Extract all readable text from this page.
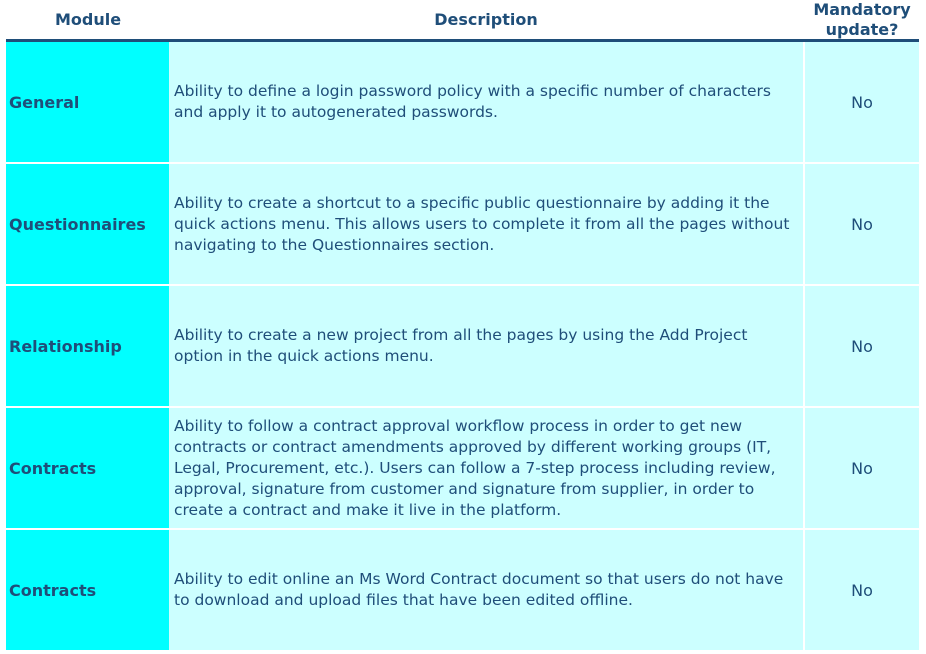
Module	Description
Mandatory update?
General
Ability to define a login password policy with a specific number of characters and apply it to autogenerated passwords.
No
Questionnaires
Ability to create a shortcut to a specific public questionnaire by adding it the quick actions menu. This allows users to complete it from all the pages without navigating to the Questionnaires section.
No
Relationship
Ability to create a new project from all the pages by using the Add Project option in the quick actions menu.
No
Contracts
Ability to follow a contract approval workflow process in order to get new contracts or contract amendments approved by different working groups (IT, Legal, Procurement, etc.). Users can follow a 7-step process including review, approval, signature from customer and signature from supplier, in order to create a contract and make it live in the platform.
No
Contracts
Ability to edit online an Ms Word Contract document so that users do not have to download and upload files that have been edited offline.
No
